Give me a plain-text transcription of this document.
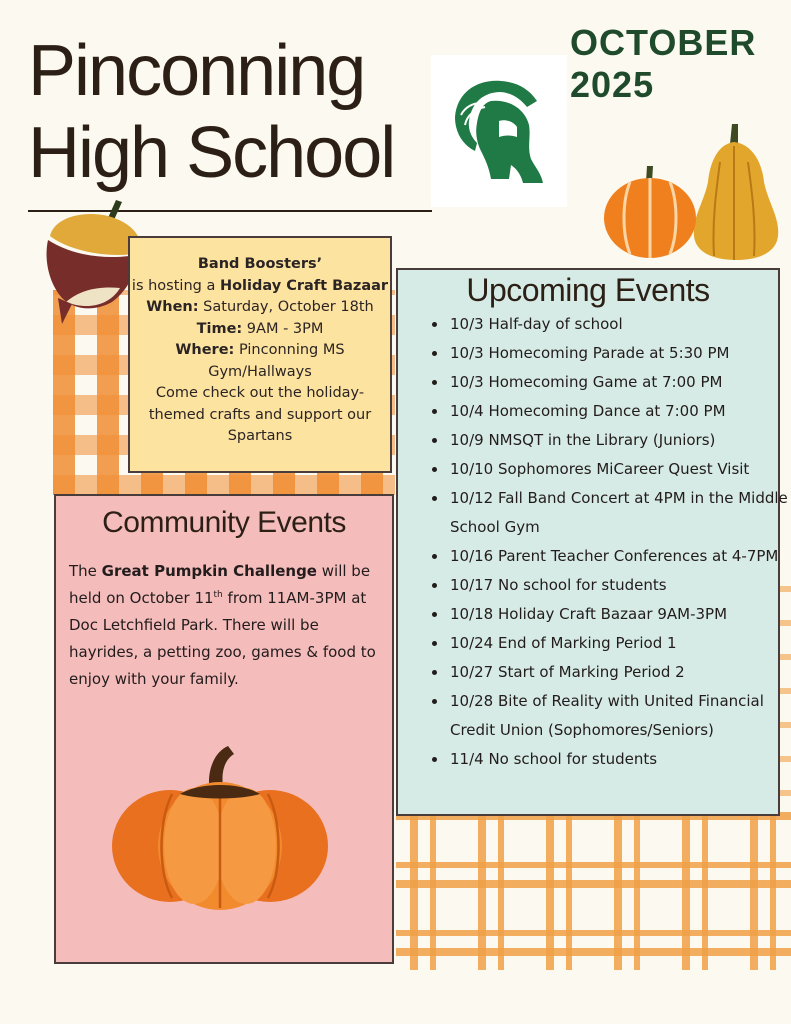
Pinconning
High School
OCTOBER
2025
Band Boosters’
is hosting a Holiday Craft Bazaar
When: Saturday, October 18th
Time: 9AM - 3PM
Where: Pinconning MS Gym/Hallways
Come check out the holiday-themed crafts and support our Spartans
Community Events
The Great Pumpkin Challenge will be held on October 11th from 11AM-3PM at Doc Letchfield Park. There will be hayrides, a petting zoo, games & food to enjoy with your family.
Upcoming Events
• 10/3 Half-day of school
• 10/3 Homecoming Parade at 5:30 PM
• 10/3 Homecoming Game at 7:00 PM
• 10/4 Homecoming Dance at 7:00 PM
• 10/9 NMSQT in the Library (Juniors)
• 10/10 Sophomores MiCareer Quest Visit
• 10/12 Fall Band Concert at 4PM in the Middle School Gym
• 10/16 Parent Teacher Conferences at 4-7PM
• 10/17 No school for students
• 10/18 Holiday Craft Bazaar 9AM-3PM
• 10/24 End of Marking Period 1
• 10/27 Start of Marking Period 2
• 10/28 Bite of Reality with United Financial Credit Union (Sophomores/Seniors)
• 11/4 No school for students
